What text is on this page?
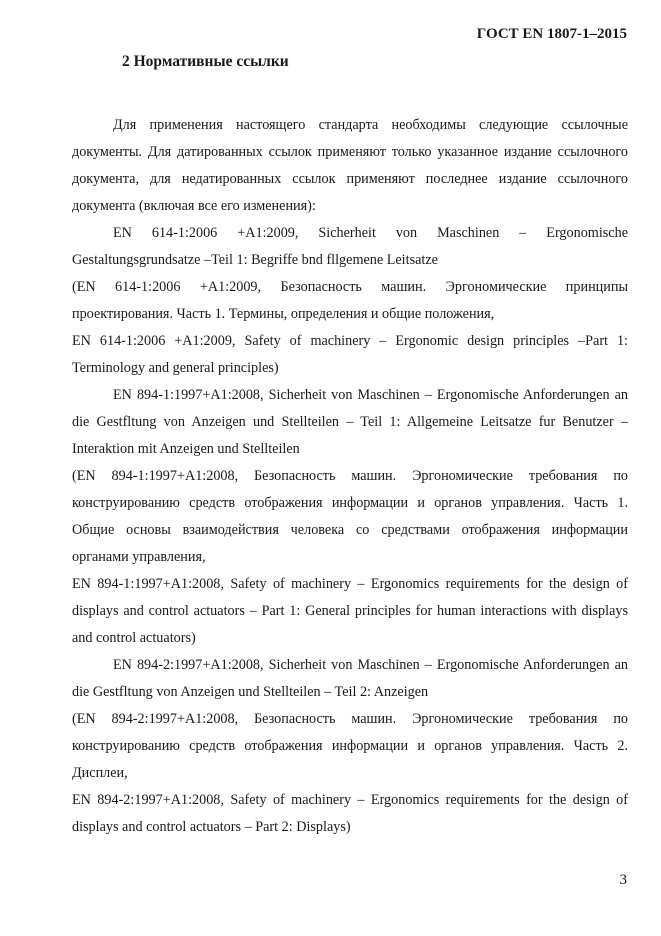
ГОСТ EN 1807-1–2015
2 Нормативные ссылки

Для применения настоящего стандарта необходимы следующие ссылочные документы. Для датированных ссылок применяют только указанное издание ссылочного документа, для недатированных ссылок применяют последнее издание ссылочного документа (включая все его изменения):

EN 614-1:2006 +A1:2009, Sicherheit von Maschinen – Ergonomische Gestaltungsgrundsatze –Teil 1: Begriffe bnd fllgemene Leitsatze

(EN 614-1:2006 +A1:2009, Безопасность машин. Эргономические принципы проектирования. Часть 1. Термины, определения и общие положения,

EN 614-1:2006 +A1:2009, Safety of machinery – Ergonomic design principles –Part 1: Terminology and general principles)

EN 894-1:1997+A1:2008, Sicherheit von Maschinen – Ergonomische Anforderungen an die Gestfltung von Anzeigen und Stellteilen – Teil 1: Allgemeine Leitsatze fur Benutzer – Interaktion mit Anzeigen und Stellteilen

(EN 894-1:1997+A1:2008, Безопасность машин. Эргономические требования по конструированию средств отображения информации и органов управления. Часть 1. Общие основы взаимодействия человека со средствами отображения информации органами управления,

EN 894-1:1997+A1:2008, Safety of machinery – Ergonomics requirements for the design of displays and control actuators – Part 1: General principles for human interactions with displays and control actuators)

EN 894-2:1997+A1:2008, Sicherheit von Maschinen – Ergonomische Anforderungen an die Gestfltung von Anzeigen und Stellteilen – Teil 2: Anzeigen

(EN 894-2:1997+A1:2008, Безопасность машин. Эргономические требования по конструированию средств отображения информации и органов управления. Часть 2. Дисплеи,

EN 894-2:1997+A1:2008, Safety of machinery – Ergonomics requirements for the design of displays and control actuators – Part 2: Displays)

3
